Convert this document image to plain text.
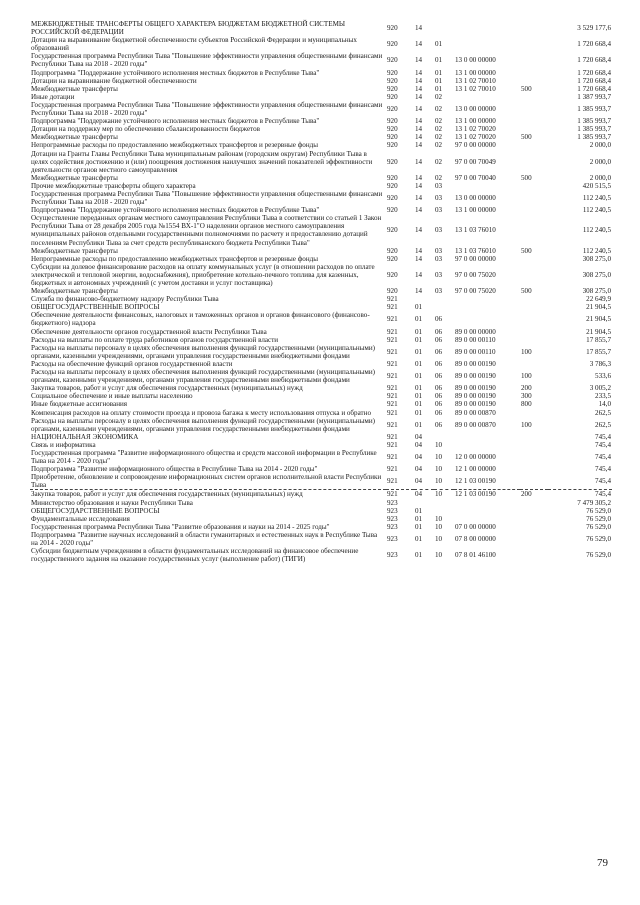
МЕЖБЮДЖЕТНЫЕ ТРАНСФЕРТЫ ОБЩЕГО ХАРАКТЕРА БЮДЖЕТАМ БЮДЖЕТНОЙ СИСТЕМЫ РОССИЙСКОЙ ФЕДЕРАЦИИ	920	14				3 529 177,6
Дотации на выравнивание бюджетной обеспеченности субъектов Российской Федерации и муниципальных образований	920	14	01			1 720 668,4
Государственная программа Республики Тыва "Повышение эффективности управления общественными финансами Республики Тыва на 2018 - 2020 годы"	920	14	01	13 0 00 00000		1 720 668,4
Подпрограмма "Поддержание устойчивого исполнения местных бюджетов в Республике Тыва"	920	14	01	13 1 00 00000		1 720 668,4
Дотации на выравнивание бюджетной обеспеченности	920	14	01	13 1 02 70010		1 720 668,4
Межбюджетные трансферты	920	14	01	13 1 02 70010	500	1 720 668,4
Иные дотации	920	14	02			1 387 993,7
Государственная программа Республики Тыва "Повышение эффективности управления общественными финансами Республики Тыва на 2018 - 2020 годы"	920	14	02	13 0 00 00000		1 385 993,7
Подпрограмма "Поддержание устойчивого исполнения местных бюджетов в Республике Тыва"	920	14	02	13 1 00 00000		1 385 993,7
Дотации на поддержку мер по обеспечению сбалансированности бюджетов	920	14	02	13 1 02 70020		1 385 993,7
Межбюджетные трансферты	920	14	02	13 1 02 70020	500	1 385 993,7
Непрограммные расходы по предоставлению межбюджетных трансфертов и резервные фонды	920	14	02	97 0 00 00000		2 000,0
Дотации на Гранты Главы Республики Тыва муниципальным районам (городским округам) Республики Тыва в целях содействия достижению и (или) поощрения достижения наилучших значений показателей эффективности деятельности органов местного самоуправления	920	14	02	97 0 00 70049		2 000,0
Межбюджетные трансферты	920	14	02	97 0 00 70040	500	2 000,0
Прочие межбюджетные трансферты общего характера	920	14	03			420 515,5
Государственная программа Республики Тыва "Повышение эффективности управления общественными финансами Республики Тыва на 2018 - 2020 годы"	920	14	03	13 0 00 00000		112 240,5
Подпрограмма "Поддержание устойчивого исполнения местных бюджетов в Республике Тыва"	920	14	03	13 1 00 00000		112 240,5
Осуществление переданных органам местного самоуправления Республики Тыва в соответствии со статьей 1 Закон Республики Тыва от 28 декабря 2005 года №1554 ВХ-1"О наделении органов местного самоуправления муниципальных районов отдельными государственными полномочиями по расчету и предоставлению дотаций поселениям Республики Тыва за счет средств республиканского бюджета Республики Тыва"	920	14	03	13 1 03 76010		112 240,5
Межбюджетные трансферты	920	14	03	13 1 03 76010	500	112 240,5
Непрограммные расходы по предоставлению межбюджетных трансфертов и резервные фонды	920	14	03	97 0 00 00000		308 275,0
Субсидии на долевое финансирование расходов на оплату коммунальных услуг (в отношении расходов по оплате электрической и тепловой энергии, водоснабжения), приобретение котельно-печного топлива для казенных, бюджетных и автономных учреждений (с учетом доставки и услуг поставщика)	920	14	03	97 0 00 75020		308 275,0
Межбюджетные трансферты	920	14	03	97 0 00 75020	500	308 275,0
Служба по финансово-бюджетному надзору Республики Тыва	921					22 649,9
ОБЩЕГОСУДАРСТВЕННЫЕ ВОПРОСЫ	921	01				21 904,5
Обеспечение деятельности финансовых, налоговых и таможенных органов и органов финансового (финансово-бюджетного) надзора	921	01	06			21 904,5
Обеспечение деятельности органов государственной власти Республики Тыва	921	01	06	89 0 00 00000		21 904,5
Расходы на выплаты по оплате труда работников органов государственной власти	921	01	06	89 0 00 00110		17 855,7
Расходы на выплаты персоналу в целях обеспечения выполнения функций государственными (муниципальными) органами, казенными учреждениями, органами управления государственными внебюджетными фондами	921	01	06	89 0 00 00110	100	17 855,7
Расходы на обеспечение функций органов государственной власти	921	01	06	89 0 00 00190		3 786,3
Расходы на выплаты персоналу в целях обеспечения выполнения функций государственными (муниципальными) органами, казенными учреждениями, органами управления государственными внебюджетными фондами	921	01	06	89 0 00 00190	100	533,6
Закупка товаров, работ и услуг для обеспечения государственных (муниципальных) нужд	921	01	06	89 0 00 00190	200	3 005,2
Социальное обеспечение и иные выплаты населению	921	01	06	89 0 00 00190	300	233,5
Иные бюджетные ассигнования	921	01	06	89 0 00 00190	800	14,0
Компенсация расходов на оплату стоимости проезда и провоза багажа к месту использования отпуска и обратно	921	01	06	89 0 00 00870		262,5
Расходы на выплаты персоналу в целях обеспечения выполнения функций государственными (муниципальными) органами, казенными учреждениями, органами управления государственными внебюджетными фондами	921	01	06	89 0 00 00870	100	262,5
НАЦИОНАЛЬНАЯ ЭКОНОМИКА	921	04				745,4
Связь и информатика	921	04	10			745,4
Государственная программа "Развитие информационного общества и средств массовой информации в Республике Тыва на 2014 - 2020 годы"	921	04	10	12 0 00 00000		745,4
Подпрограмма "Развитие информационного общества в Республике Тыва на 2014 - 2020 годы"	921	04	10	12 1 00 00000		745,4
Приобретение, обновление и сопровождение информационных систем органов исполнительной власти Республики Тыва	921	04	10	12 1 03 00190		745,4
Закупка товаров, работ и услуг для обеспечения государственных (муниципальных) нужд	921	04	10	12 1 03 00190	200	745,4
Министерство образования и науки Республики Тыва	923					7 479 305,2
ОБЩЕГОСУДАРСТВЕННЫЕ ВОПРОСЫ	923	01				76 529,0
Фундаментальные исследования	923	01	10			76 529,0
Государственная программа Республики Тыва "Развитие образования и науки на 2014 - 2025 годы"	923	01	10	07 0 00 00000		76 529,0
Подпрограмма "Развитие научных исследований в области гуманитарных и естественных наук в Республике Тыва на 2014 - 2020 годы"	923	01	10	07 8 00 00000		76 529,0
Субсидии бюджетным учреждениям в области фундаментальных исследований на финансовое обеспечение государственного задания на оказание государственных услуг (выполнение работ) (ТИГИ)	923	01	10	07 8 01 46100		76 529,0
79
